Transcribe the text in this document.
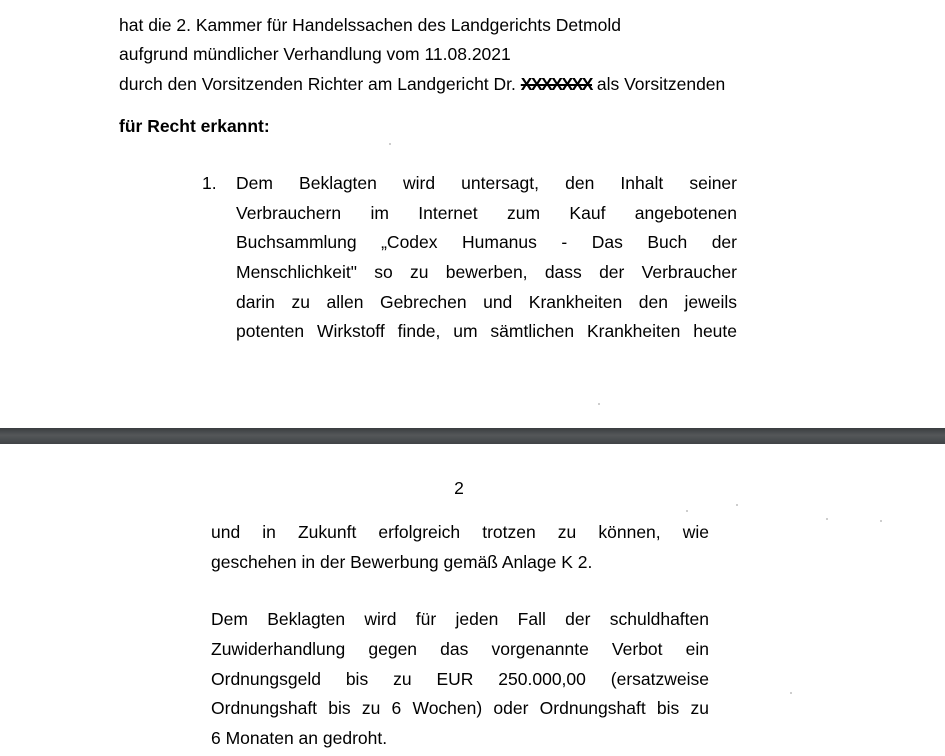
hat die 2. Kammer für Handelssachen des Landgerichts Detmold
aufgrund mündlicher Verhandlung vom 11.08.2021
durch den Vorsitzenden Richter am Landgericht Dr. XXXXXXX als Vorsitzenden
für Recht erkannt:
1. Dem Beklagten wird untersagt, den Inhalt seiner
Verbrauchern im Internet zum Kauf angebotenen
Buchsammlung „Codex Humanus - Das Buch der
Menschlichkeit" so zu bewerben, dass der Verbraucher
darin zu allen Gebrechen und Krankheiten den jeweils
potenten Wirkstoff finde, um sämtlichen Krankheiten heute
2
und in Zukunft erfolgreich trotzen zu können, wie
geschehen in der Bewerbung gemäß Anlage K 2.
Dem Beklagten wird für jeden Fall der schuldhaften
Zuwiderhandlung gegen das vorgenannte Verbot ein
Ordnungsgeld bis zu EUR 250.000,00 (ersatzweise
Ordnungshaft bis zu 6 Wochen) oder Ordnungshaft bis zu
6 Monaten an gedroht.
